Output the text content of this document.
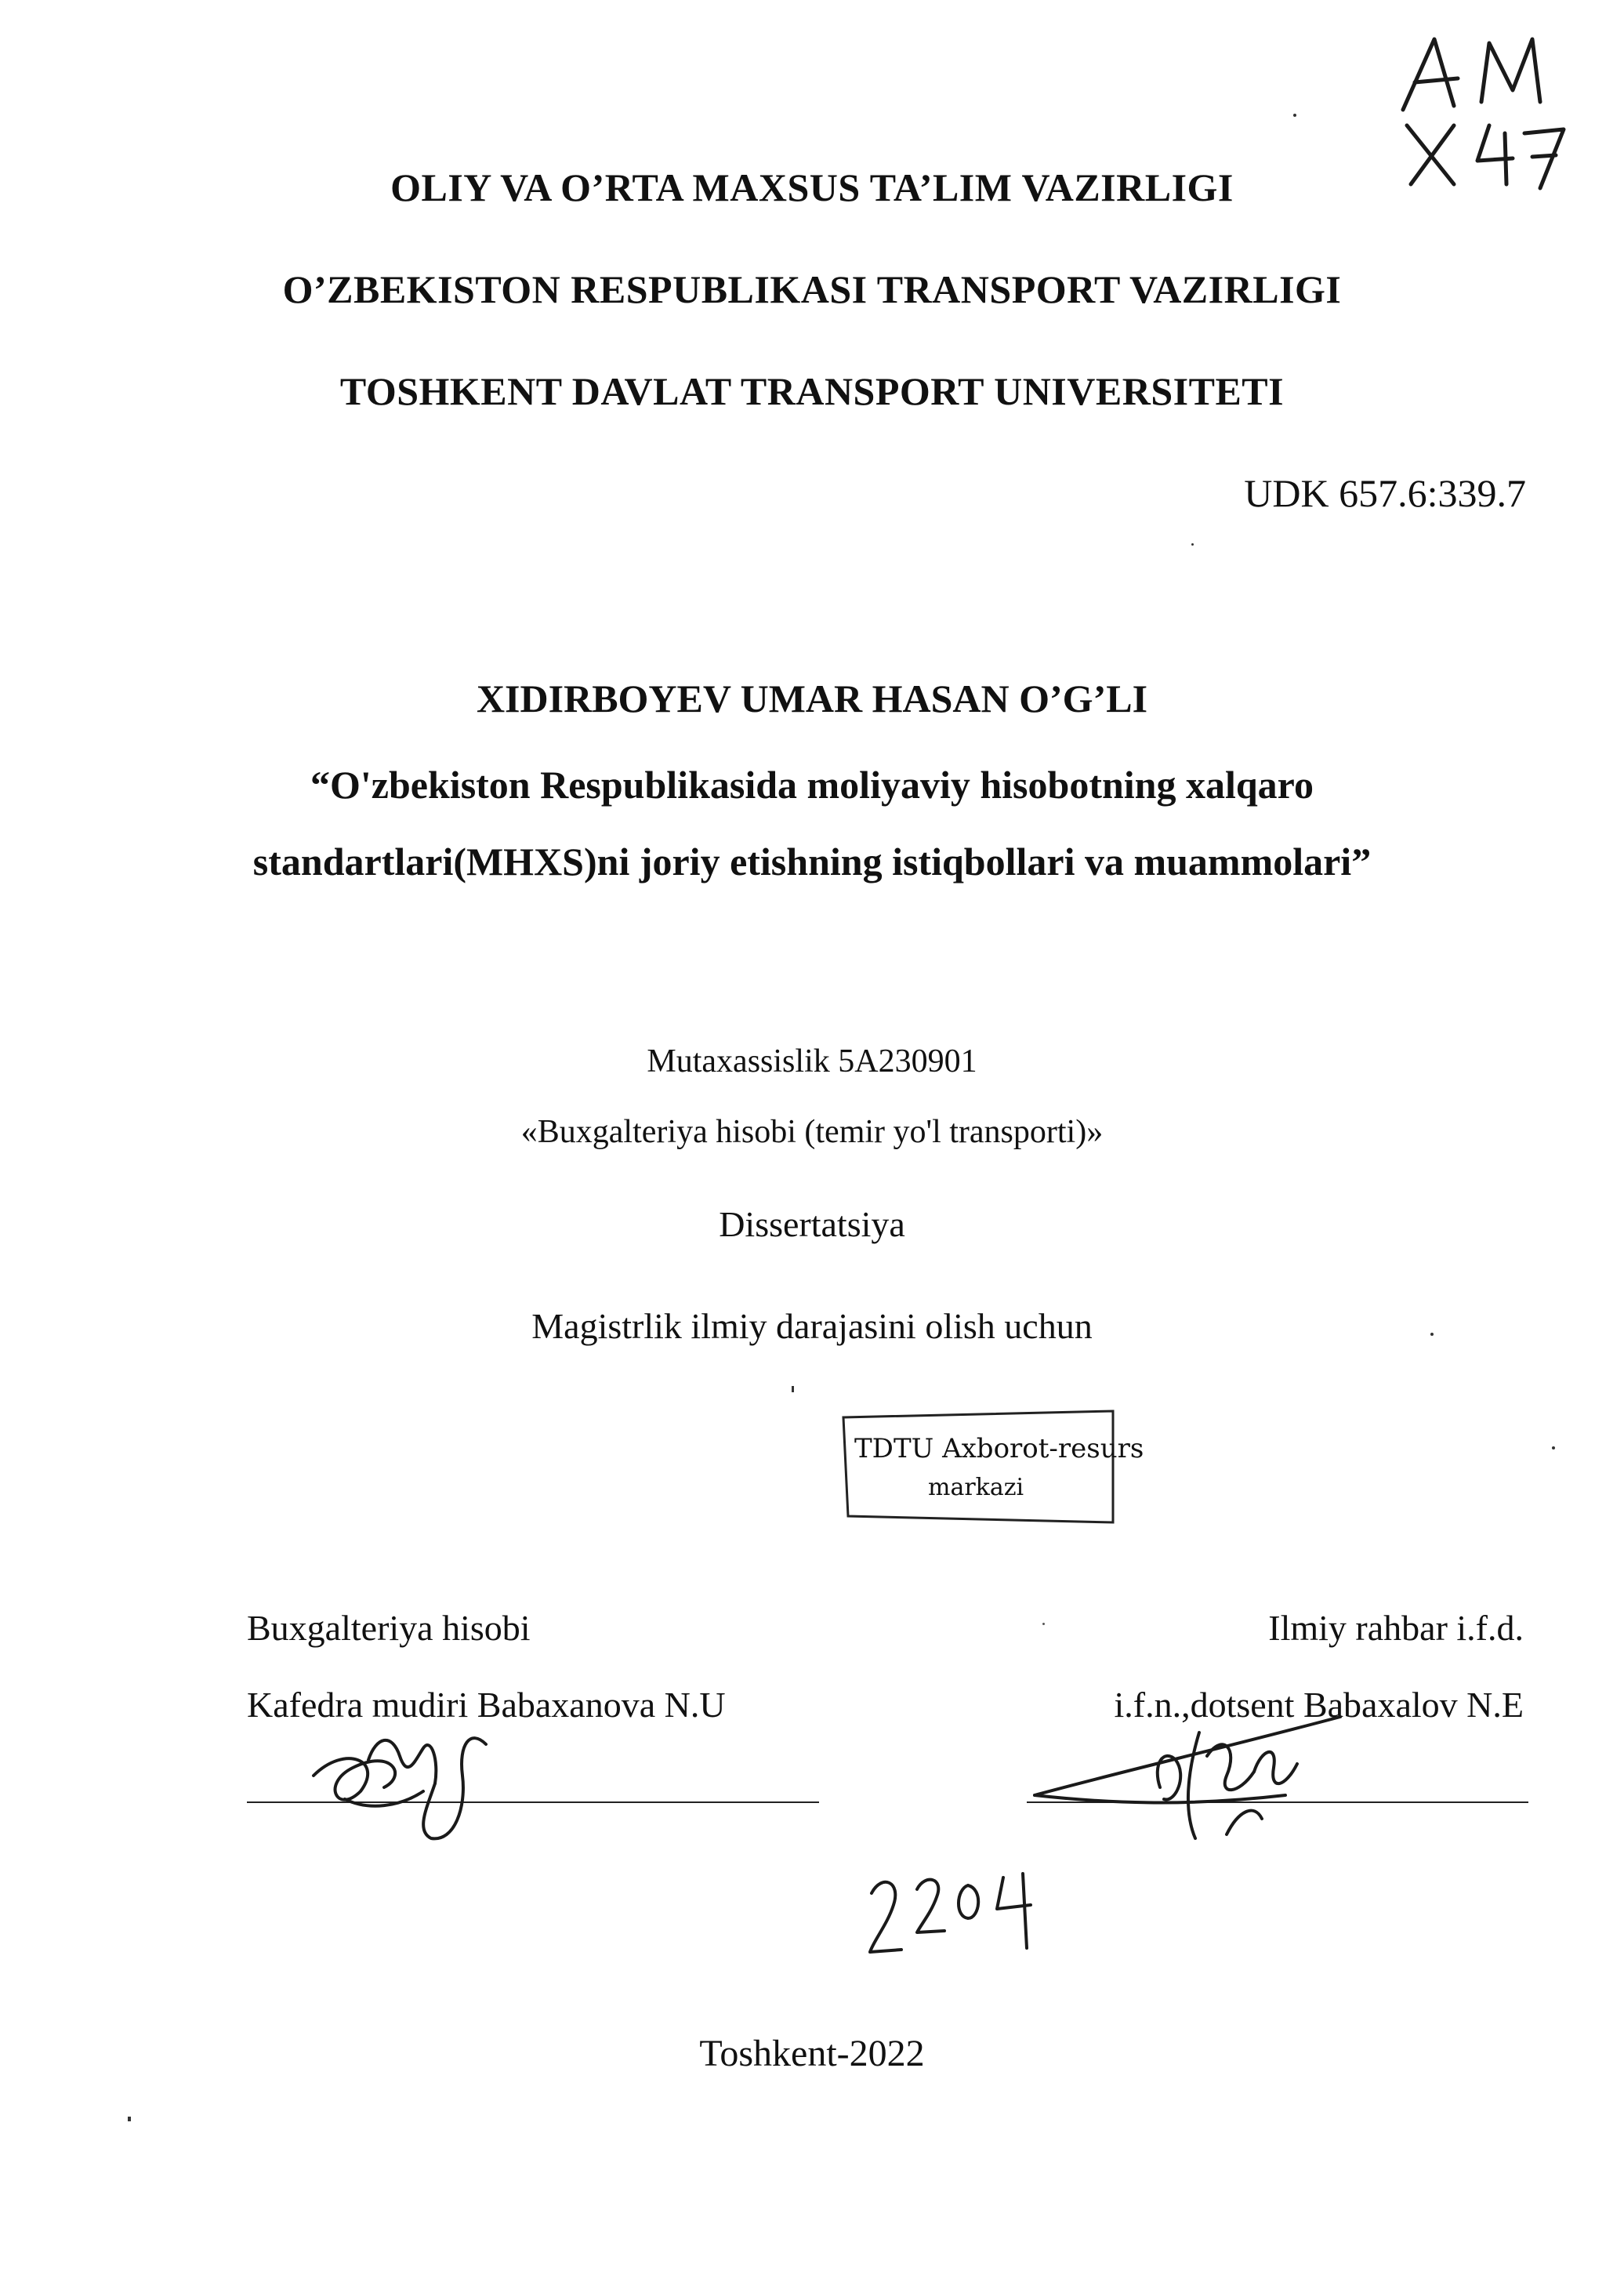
OLIY VA O’RTA MAXSUS TA’LIM VAZIRLIGI
O’ZBEKISTON RESPUBLIKASI TRANSPORT VAZIRLIGI
TOSHKENT DAVLAT TRANSPORT UNIVERSITETI
UDK 657.6:339.7
XIDIRBOYEV UMAR HASAN O’G’LI
“O'zbekiston Respublikasida moliyaviy hisobotning xalqaro
standartlari(MHXS)ni joriy etishning istiqbollari va muammolari”
Mutaxassislik 5A230901
«Buxgalteriya hisobi (temir yo'l transporti)»
Dissertatsiya
Magistrlik ilmiy darajasini olish uchun
TDTU Axborot-resurs
markazi
Buxgalteriya hisobi
Kafedra mudiri Babaxanova N.U
Ilmiy rahbar i.f.d.
i.f.n.,dotsent Babaxalov N.E
Toshkent-2022
